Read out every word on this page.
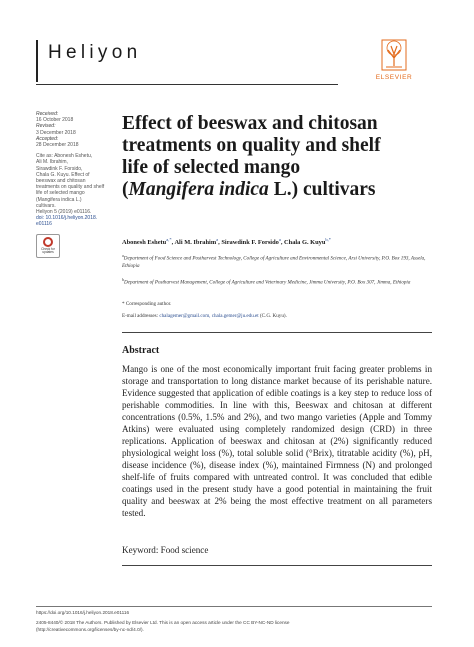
Heliyon
ELSEVIER
Received:
16 October 2018
Revised:
3 December 2018
Accepted:
28 December 2018
Cite as: Abonesh Eshetu,
Ali M. Ibrahim,
Sirawdink F. Forsido,
Chala G. Kuyu. Effect of
beeswax and chitosan
treatments on quality and shelf
life of selected mango
(Mangifera indica L.)
cultivars.
Heliyon 5 (2019) e01116.
doi: 10.1016/j.heliyon.2018.
e01116
Check for updates
Effect of beeswax and chitosan
treatments on quality and shelf
life of selected mango
(Mangifera indica L.) cultivars
Abonesh Eshetu$^{a,*}$, Ali M. Ibrahim$^a$, Sirawdink F. Forsido$^a$, Chala G. Kuyu$^{b,*}$
$^a$Department of Food Science and Postharvest Technology, College of Agriculture and Environmental Science, Arsi University, P.O. Box 193, Assela, Ethiopia
$^b$Department of Postharvest Management, College of Agriculture and Veterinary Medicine, Jimma University, P.O. Box 307, Jimma, Ethiopia
* Corresponding author.
E-mail addresses: chalagemer@gmail.com, chala.gemer@ju.edu.et (C.G. Kuyu).
Abstract
Mango is one of the most economically important fruit facing greater problems in storage and transportation to long distance market because of its perishable nature. Evidence suggested that application of edible coatings is a key step to reduce loss of perishable commodities. In line with this, Beeswax and chitosan at different concentrations (0.5%, 1.5% and 2%), and two mango varieties (Apple and Tommy Atkins) were evaluated using completely randomized design (CRD) in three replications. Application of beeswax and chitosan at (2%) significantly reduced physiological weight loss (%), total soluble solid (°Brix), titratable acidity (%), pH, disease incidence (%), disease index (%), maintained Firmness (N) and prolonged shelf-life of fruits compared with untreated control. It was concluded that edible coatings used in the present study have a good potential in maintaining the fruit quality and beeswax at 2% being the most effective treatment on all parameters tested.
Keyword: Food science
https://doi.org/10.1016/j.heliyon.2018.e01116
2405-8440/© 2018 The Authors. Published by Elsevier Ltd. This is an open access article under the CC BY-NC-ND license
(http://creativecommons.org/licenses/by-nc-nd/4.0/).
